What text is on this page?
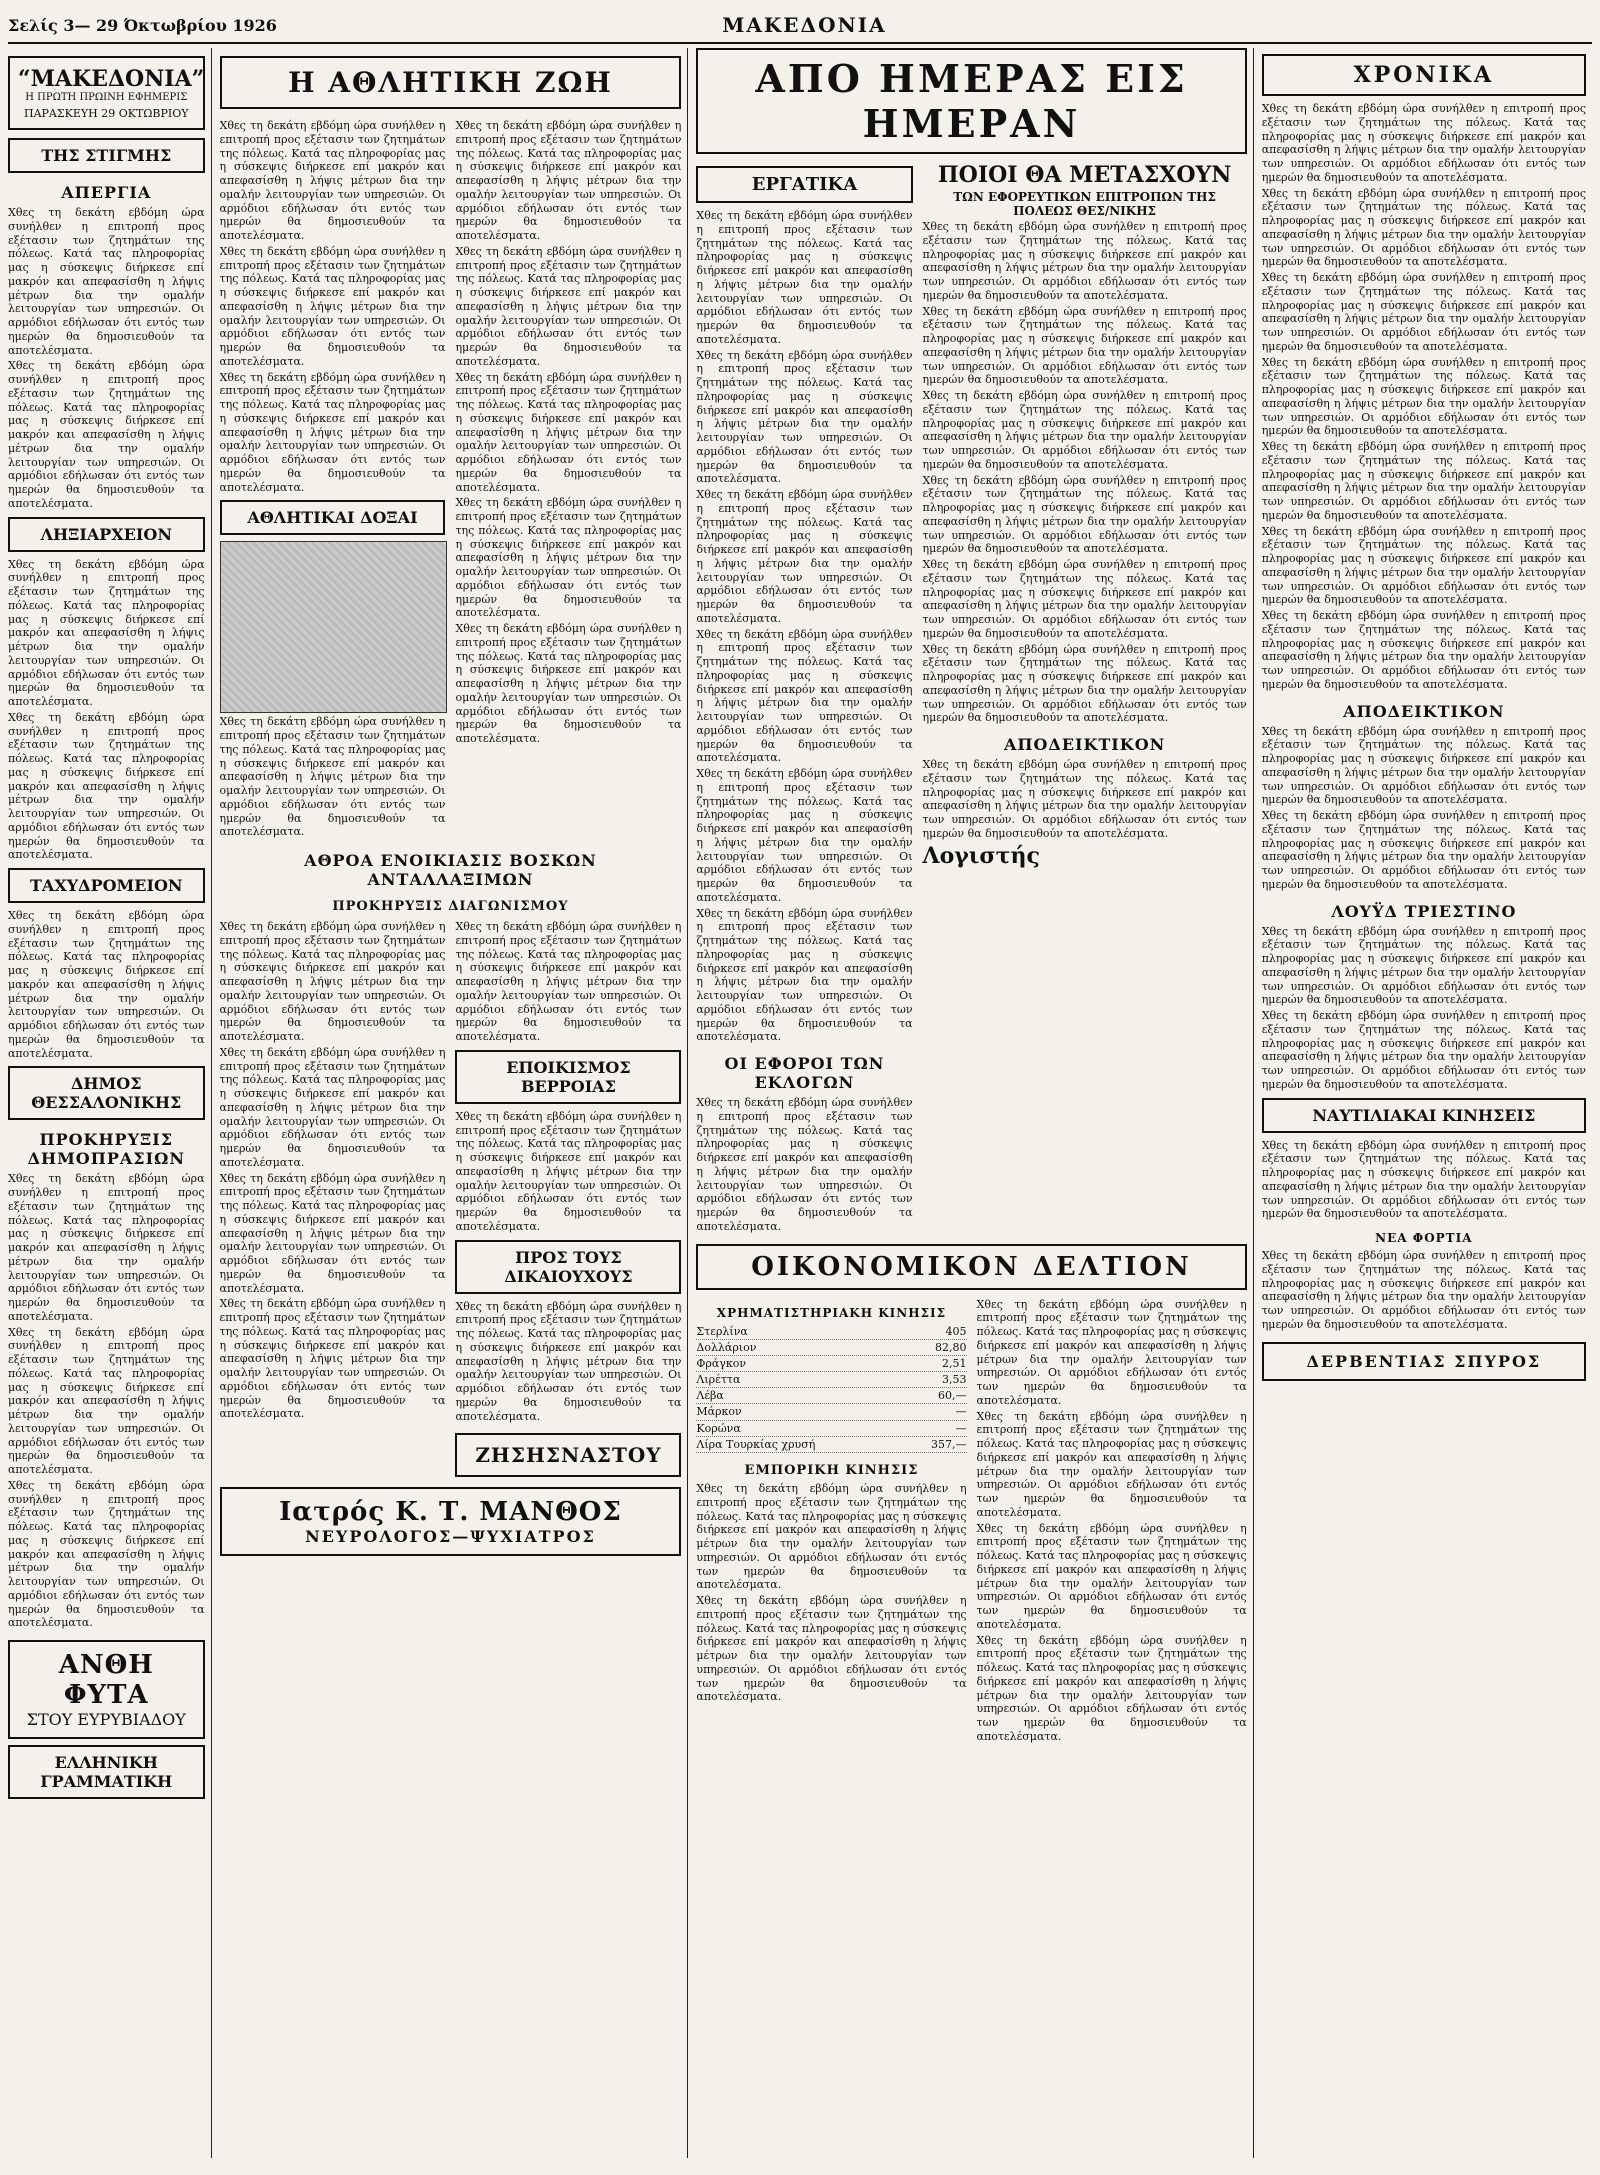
Σελίς 3— 29 Όκτωβρίου 1926	ΜΑΚΕΔΟΝΙΑ
“ΜΑΚΕΔΟΝΙΑ”
Η ΠΡΩΤΗ ΠΡΩΙΝΗ ΕΦΗΜΕΡΙΣ
ΠΑΡΑΣΚΕΥΗ 29 ΟΚΤΩΒΡΙΟΥ
ΤΗΣ ΣΤΙΓΜΗΣ
ΑΠΕΡΓΙΑ

Χθες τη δεκάτη εβδόμη ώρα συνήλθεν η επιτροπή προς εξέτασιν των ζητημάτων της πόλεως. Κατά τας πληροφορίας μας η σύσκεψις διήρκεσε επί μακρόν και απεφασίσθη η λήψις μέτρων δια την ομαλήν λειτουργίαν των υπηρεσιών. Οι αρμόδιοι εδήλωσαν ότι εντός των ημερών θα δημοσιευθούν τα αποτελέσματα.

Χθες τη δεκάτη εβδόμη ώρα συνήλθεν η επιτροπή προς εξέτασιν των ζητημάτων της πόλεως. Κατά τας πληροφορίας μας η σύσκεψις διήρκεσε επί μακρόν και απεφασίσθη η λήψις μέτρων δια την ομαλήν λειτουργίαν των υπηρεσιών. Οι αρμόδιοι εδήλωσαν ότι εντός των ημερών θα δημοσιευθούν τα αποτελέσματα.

ΛΗΞΙΑΡΧΕΙΟΝ

Χθες τη δεκάτη εβδόμη ώρα συνήλθεν η επιτροπή προς εξέτασιν των ζητημάτων της πόλεως. Κατά τας πληροφορίας μας η σύσκεψις διήρκεσε επί μακρόν και απεφασίσθη η λήψις μέτρων δια την ομαλήν λειτουργίαν των υπηρεσιών. Οι αρμόδιοι εδήλωσαν ότι εντός των ημερών θα δημοσιευθούν τα αποτελέσματα.

Χθες τη δεκάτη εβδόμη ώρα συνήλθεν η επιτροπή προς εξέτασιν των ζητημάτων της πόλεως. Κατά τας πληροφορίας μας η σύσκεψις διήρκεσε επί μακρόν και απεφασίσθη η λήψις μέτρων δια την ομαλήν λειτουργίαν των υπηρεσιών. Οι αρμόδιοι εδήλωσαν ότι εντός των ημερών θα δημοσιευθούν τα αποτελέσματα.

ΤΑΧΥΔΡΟΜΕΙΟΝ

Χθες τη δεκάτη εβδόμη ώρα συνήλθεν η επιτροπή προς εξέτασιν των ζητημάτων της πόλεως. Κατά τας πληροφορίας μας η σύσκεψις διήρκεσε επί μακρόν και απεφασίσθη η λήψις μέτρων δια την ομαλήν λειτουργίαν των υπηρεσιών. Οι αρμόδιοι εδήλωσαν ότι εντός των ημερών θα δημοσιευθούν τα αποτελέσματα.

ΔΗΜΟΣ ΘΕΣΣΑΛΟΝΙΚΗΣ
ΠΡΟΚΗΡΥΞΙΣ ΔΗΜΟΠΡΑΣΙΩΝ

Χθες τη δεκάτη εβδόμη ώρα συνήλθεν η επιτροπή προς εξέτασιν των ζητημάτων της πόλεως. Κατά τας πληροφορίας μας η σύσκεψις διήρκεσε επί μακρόν και απεφασίσθη η λήψις μέτρων δια την ομαλήν λειτουργίαν των υπηρεσιών. Οι αρμόδιοι εδήλωσαν ότι εντός των ημερών θα δημοσιευθούν τα αποτελέσματα.

Χθες τη δεκάτη εβδόμη ώρα συνήλθεν η επιτροπή προς εξέτασιν των ζητημάτων της πόλεως. Κατά τας πληροφορίας μας η σύσκεψις διήρκεσε επί μακρόν και απεφασίσθη η λήψις μέτρων δια την ομαλήν λειτουργίαν των υπηρεσιών. Οι αρμόδιοι εδήλωσαν ότι εντός των ημερών θα δημοσιευθούν τα αποτελέσματα.

Χθες τη δεκάτη εβδόμη ώρα συνήλθεν η επιτροπή προς εξέτασιν των ζητημάτων της πόλεως. Κατά τας πληροφορίας μας η σύσκεψις διήρκεσε επί μακρόν και απεφασίσθη η λήψις μέτρων δια την ομαλήν λειτουργίαν των υπηρεσιών. Οι αρμόδιοι εδήλωσαν ότι εντός των ημερών θα δημοσιευθούν τα αποτελέσματα.

ΑΝΘΗ ΦΥΤΑ
ΣΤΟΥ ΕΥΡΥΒΙΑΔΟΥ
ΕΛΛΗΝΙΚΗ ΓΡΑΜΜΑΤΙΚΗ
Η ΑΘΛΗΤΙΚΗ ΖΩΗ

Χθες τη δεκάτη εβδόμη ώρα συνήλθεν η επιτροπή προς εξέτασιν των ζητημάτων της πόλεως. Κατά τας πληροφορίας μας η σύσκεψις διήρκεσε επί μακρόν και απεφασίσθη η λήψις μέτρων δια την ομαλήν λειτουργίαν των υπηρεσιών. Οι αρμόδιοι εδήλωσαν ότι εντός των ημερών θα δημοσιευθούν τα αποτελέσματα.

Χθες τη δεκάτη εβδόμη ώρα συνήλθεν η επιτροπή προς εξέτασιν των ζητημάτων της πόλεως. Κατά τας πληροφορίας μας η σύσκεψις διήρκεσε επί μακρόν και απεφασίσθη η λήψις μέτρων δια την ομαλήν λειτουργίαν των υπηρεσιών. Οι αρμόδιοι εδήλωσαν ότι εντός των ημερών θα δημοσιευθούν τα αποτελέσματα.

Χθες τη δεκάτη εβδόμη ώρα συνήλθεν η επιτροπή προς εξέτασιν των ζητημάτων της πόλεως. Κατά τας πληροφορίας μας η σύσκεψις διήρκεσε επί μακρόν και απεφασίσθη η λήψις μέτρων δια την ομαλήν λειτουργίαν των υπηρεσιών. Οι αρμόδιοι εδήλωσαν ότι εντός των ημερών θα δημοσιευθούν τα αποτελέσματα.

ΑΘΛΗΤΙΚΑΙ ΔΟΞΑΙ

Χθες τη δεκάτη εβδόμη ώρα συνήλθεν η επιτροπή προς εξέτασιν των ζητημάτων της πόλεως. Κατά τας πληροφορίας μας η σύσκεψις διήρκεσε επί μακρόν και απεφασίσθη η λήψις μέτρων δια την ομαλήν λειτουργίαν των υπηρεσιών. Οι αρμόδιοι εδήλωσαν ότι εντός των ημερών θα δημοσιευθούν τα αποτελέσματα.

Χθες τη δεκάτη εβδόμη ώρα συνήλθεν η επιτροπή προς εξέτασιν των ζητημάτων της πόλεως. Κατά τας πληροφορίας μας η σύσκεψις διήρκεσε επί μακρόν και απεφασίσθη η λήψις μέτρων δια την ομαλήν λειτουργίαν των υπηρεσιών. Οι αρμόδιοι εδήλωσαν ότι εντός των ημερών θα δημοσιευθούν τα αποτελέσματα.

Χθες τη δεκάτη εβδόμη ώρα συνήλθεν η επιτροπή προς εξέτασιν των ζητημάτων της πόλεως. Κατά τας πληροφορίας μας η σύσκεψις διήρκεσε επί μακρόν και απεφασίσθη η λήψις μέτρων δια την ομαλήν λειτουργίαν των υπηρεσιών. Οι αρμόδιοι εδήλωσαν ότι εντός των ημερών θα δημοσιευθούν τα αποτελέσματα.

Χθες τη δεκάτη εβδόμη ώρα συνήλθεν η επιτροπή προς εξέτασιν των ζητημάτων της πόλεως. Κατά τας πληροφορίας μας η σύσκεψις διήρκεσε επί μακρόν και απεφασίσθη η λήψις μέτρων δια την ομαλήν λειτουργίαν των υπηρεσιών. Οι αρμόδιοι εδήλωσαν ότι εντός των ημερών θα δημοσιευθούν τα αποτελέσματα.

Χθες τη δεκάτη εβδόμη ώρα συνήλθεν η επιτροπή προς εξέτασιν των ζητημάτων της πόλεως. Κατά τας πληροφορίας μας η σύσκεψις διήρκεσε επί μακρόν και απεφασίσθη η λήψις μέτρων δια την ομαλήν λειτουργίαν των υπηρεσιών. Οι αρμόδιοι εδήλωσαν ότι εντός των ημερών θα δημοσιευθούν τα αποτελέσματα.

Χθες τη δεκάτη εβδόμη ώρα συνήλθεν η επιτροπή προς εξέτασιν των ζητημάτων της πόλεως. Κατά τας πληροφορίας μας η σύσκεψις διήρκεσε επί μακρόν και απεφασίσθη η λήψις μέτρων δια την ομαλήν λειτουργίαν των υπηρεσιών. Οι αρμόδιοι εδήλωσαν ότι εντός των ημερών θα δημοσιευθούν τα αποτελέσματα.

ΑΘΡΟΑ ΕΝΟΙΚΙΑΣΙΣ ΒΟΣΚΩΝ ΑΝΤΑΛΛΑΞΙΜΩΝ
ΠΡΟΚΗΡΥΞΙΣ ΔΙΑΓΩΝΙΣΜΟΥ

Χθες τη δεκάτη εβδόμη ώρα συνήλθεν η επιτροπή προς εξέτασιν των ζητημάτων της πόλεως. Κατά τας πληροφορίας μας η σύσκεψις διήρκεσε επί μακρόν και απεφασίσθη η λήψις μέτρων δια την ομαλήν λειτουργίαν των υπηρεσιών. Οι αρμόδιοι εδήλωσαν ότι εντός των ημερών θα δημοσιευθούν τα αποτελέσματα.

Χθες τη δεκάτη εβδόμη ώρα συνήλθεν η επιτροπή προς εξέτασιν των ζητημάτων της πόλεως. Κατά τας πληροφορίας μας η σύσκεψις διήρκεσε επί μακρόν και απεφασίσθη η λήψις μέτρων δια την ομαλήν λειτουργίαν των υπηρεσιών. Οι αρμόδιοι εδήλωσαν ότι εντός των ημερών θα δημοσιευθούν τα αποτελέσματα.

Χθες τη δεκάτη εβδόμη ώρα συνήλθεν η επιτροπή προς εξέτασιν των ζητημάτων της πόλεως. Κατά τας πληροφορίας μας η σύσκεψις διήρκεσε επί μακρόν και απεφασίσθη η λήψις μέτρων δια την ομαλήν λειτουργίαν των υπηρεσιών. Οι αρμόδιοι εδήλωσαν ότι εντός των ημερών θα δημοσιευθούν τα αποτελέσματα.

Χθες τη δεκάτη εβδόμη ώρα συνήλθεν η επιτροπή προς εξέτασιν των ζητημάτων της πόλεως. Κατά τας πληροφορίας μας η σύσκεψις διήρκεσε επί μακρόν και απεφασίσθη η λήψις μέτρων δια την ομαλήν λειτουργίαν των υπηρεσιών. Οι αρμόδιοι εδήλωσαν ότι εντός των ημερών θα δημοσιευθούν τα αποτελέσματα.

Χθες τη δεκάτη εβδόμη ώρα συνήλθεν η επιτροπή προς εξέτασιν των ζητημάτων της πόλεως. Κατά τας πληροφορίας μας η σύσκεψις διήρκεσε επί μακρόν και απεφασίσθη η λήψις μέτρων δια την ομαλήν λειτουργίαν των υπηρεσιών. Οι αρμόδιοι εδήλωσαν ότι εντός των ημερών θα δημοσιευθούν τα αποτελέσματα.

ΕΠΟΙΚΙΣΜΟΣ ΒΕΡΡΟΙΑΣ

Χθες τη δεκάτη εβδόμη ώρα συνήλθεν η επιτροπή προς εξέτασιν των ζητημάτων της πόλεως. Κατά τας πληροφορίας μας η σύσκεψις διήρκεσε επί μακρόν και απεφασίσθη η λήψις μέτρων δια την ομαλήν λειτουργίαν των υπηρεσιών. Οι αρμόδιοι εδήλωσαν ότι εντός των ημερών θα δημοσιευθούν τα αποτελέσματα.

ΠΡΟΣ ΤΟΥΣ ΔΙΚΑΙΟΥΧΟΥΣ

Χθες τη δεκάτη εβδόμη ώρα συνήλθεν η επιτροπή προς εξέτασιν των ζητημάτων της πόλεως. Κατά τας πληροφορίας μας η σύσκεψις διήρκεσε επί μακρόν και απεφασίσθη η λήψις μέτρων δια την ομαλήν λειτουργίαν των υπηρεσιών. Οι αρμόδιοι εδήλωσαν ότι εντός των ημερών θα δημοσιευθούν τα αποτελέσματα.

ΖΗΣΗΣΝΑΣΤΟΥ
Ιατρός Κ. Τ. ΜΑΝΘΟΣ
ΝΕΥΡΟΛΟΓΟΣ—ΨΥΧΙΑΤΡΟΣ
ΑΠΟ ΗΜΕΡΑΣ ΕΙΣ ΗΜΕΡΑΝ
ΕΡΓΑΤΙΚΑ

Χθες τη δεκάτη εβδόμη ώρα συνήλθεν η επιτροπή προς εξέτασιν των ζητημάτων της πόλεως. Κατά τας πληροφορίας μας η σύσκεψις διήρκεσε επί μακρόν και απεφασίσθη η λήψις μέτρων δια την ομαλήν λειτουργίαν των υπηρεσιών. Οι αρμόδιοι εδήλωσαν ότι εντός των ημερών θα δημοσιευθούν τα αποτελέσματα.

Χθες τη δεκάτη εβδόμη ώρα συνήλθεν η επιτροπή προς εξέτασιν των ζητημάτων της πόλεως. Κατά τας πληροφορίας μας η σύσκεψις διήρκεσε επί μακρόν και απεφασίσθη η λήψις μέτρων δια την ομαλήν λειτουργίαν των υπηρεσιών. Οι αρμόδιοι εδήλωσαν ότι εντός των ημερών θα δημοσιευθούν τα αποτελέσματα.

Χθες τη δεκάτη εβδόμη ώρα συνήλθεν η επιτροπή προς εξέτασιν των ζητημάτων της πόλεως. Κατά τας πληροφορίας μας η σύσκεψις διήρκεσε επί μακρόν και απεφασίσθη η λήψις μέτρων δια την ομαλήν λειτουργίαν των υπηρεσιών. Οι αρμόδιοι εδήλωσαν ότι εντός των ημερών θα δημοσιευθούν τα αποτελέσματα.

Χθες τη δεκάτη εβδόμη ώρα συνήλθεν η επιτροπή προς εξέτασιν των ζητημάτων της πόλεως. Κατά τας πληροφορίας μας η σύσκεψις διήρκεσε επί μακρόν και απεφασίσθη η λήψις μέτρων δια την ομαλήν λειτουργίαν των υπηρεσιών. Οι αρμόδιοι εδήλωσαν ότι εντός των ημερών θα δημοσιευθούν τα αποτελέσματα.

Χθες τη δεκάτη εβδόμη ώρα συνήλθεν η επιτροπή προς εξέτασιν των ζητημάτων της πόλεως. Κατά τας πληροφορίας μας η σύσκεψις διήρκεσε επί μακρόν και απεφασίσθη η λήψις μέτρων δια την ομαλήν λειτουργίαν των υπηρεσιών. Οι αρμόδιοι εδήλωσαν ότι εντός των ημερών θα δημοσιευθούν τα αποτελέσματα.

Χθες τη δεκάτη εβδόμη ώρα συνήλθεν η επιτροπή προς εξέτασιν των ζητημάτων της πόλεως. Κατά τας πληροφορίας μας η σύσκεψις διήρκεσε επί μακρόν και απεφασίσθη η λήψις μέτρων δια την ομαλήν λειτουργίαν των υπηρεσιών. Οι αρμόδιοι εδήλωσαν ότι εντός των ημερών θα δημοσιευθούν τα αποτελέσματα.

ΟΙ ΕΦΟΡΟΙ ΤΩΝ ΕΚΛΟΓΩΝ

Χθες τη δεκάτη εβδόμη ώρα συνήλθεν η επιτροπή προς εξέτασιν των ζητημάτων της πόλεως. Κατά τας πληροφορίας μας η σύσκεψις διήρκεσε επί μακρόν και απεφασίσθη η λήψις μέτρων δια την ομαλήν λειτουργίαν των υπηρεσιών. Οι αρμόδιοι εδήλωσαν ότι εντός των ημερών θα δημοσιευθούν τα αποτελέσματα.

ΠΟΙΟΙ ΘΑ ΜΕΤΑΣΧΟΥΝ
ΤΩΝ ΕΦΟΡΕΥΤΙΚΩΝ ΕΠΙΤΡΟΠΩΝ ΤΗΣ ΠΟΛΕΩΣ ΘΕΣ/ΝΙΚΗΣ

Χθες τη δεκάτη εβδόμη ώρα συνήλθεν η επιτροπή προς εξέτασιν των ζητημάτων της πόλεως. Κατά τας πληροφορίας μας η σύσκεψις διήρκεσε επί μακρόν και απεφασίσθη η λήψις μέτρων δια την ομαλήν λειτουργίαν των υπηρεσιών. Οι αρμόδιοι εδήλωσαν ότι εντός των ημερών θα δημοσιευθούν τα αποτελέσματα.

Χθες τη δεκάτη εβδόμη ώρα συνήλθεν η επιτροπή προς εξέτασιν των ζητημάτων της πόλεως. Κατά τας πληροφορίας μας η σύσκεψις διήρκεσε επί μακρόν και απεφασίσθη η λήψις μέτρων δια την ομαλήν λειτουργίαν των υπηρεσιών. Οι αρμόδιοι εδήλωσαν ότι εντός των ημερών θα δημοσιευθούν τα αποτελέσματα.

Χθες τη δεκάτη εβδόμη ώρα συνήλθεν η επιτροπή προς εξέτασιν των ζητημάτων της πόλεως. Κατά τας πληροφορίας μας η σύσκεψις διήρκεσε επί μακρόν και απεφασίσθη η λήψις μέτρων δια την ομαλήν λειτουργίαν των υπηρεσιών. Οι αρμόδιοι εδήλωσαν ότι εντός των ημερών θα δημοσιευθούν τα αποτελέσματα.

Χθες τη δεκάτη εβδόμη ώρα συνήλθεν η επιτροπή προς εξέτασιν των ζητημάτων της πόλεως. Κατά τας πληροφορίας μας η σύσκεψις διήρκεσε επί μακρόν και απεφασίσθη η λήψις μέτρων δια την ομαλήν λειτουργίαν των υπηρεσιών. Οι αρμόδιοι εδήλωσαν ότι εντός των ημερών θα δημοσιευθούν τα αποτελέσματα.

Χθες τη δεκάτη εβδόμη ώρα συνήλθεν η επιτροπή προς εξέτασιν των ζητημάτων της πόλεως. Κατά τας πληροφορίας μας η σύσκεψις διήρκεσε επί μακρόν και απεφασίσθη η λήψις μέτρων δια την ομαλήν λειτουργίαν των υπηρεσιών. Οι αρμόδιοι εδήλωσαν ότι εντός των ημερών θα δημοσιευθούν τα αποτελέσματα.

Χθες τη δεκάτη εβδόμη ώρα συνήλθεν η επιτροπή προς εξέτασιν των ζητημάτων της πόλεως. Κατά τας πληροφορίας μας η σύσκεψις διήρκεσε επί μακρόν και απεφασίσθη η λήψις μέτρων δια την ομαλήν λειτουργίαν των υπηρεσιών. Οι αρμόδιοι εδήλωσαν ότι εντός των ημερών θα δημοσιευθούν τα αποτελέσματα.

ΑΠΟΔΕΙΚΤΙΚΟΝ

Χθες τη δεκάτη εβδόμη ώρα συνήλθεν η επιτροπή προς εξέτασιν των ζητημάτων της πόλεως. Κατά τας πληροφορίας μας η σύσκεψις διήρκεσε επί μακρόν και απεφασίσθη η λήψις μέτρων δια την ομαλήν λειτουργίαν των υπηρεσιών. Οι αρμόδιοι εδήλωσαν ότι εντός των ημερών θα δημοσιευθούν τα αποτελέσματα.

Λογιστής
ΟΙΚΟΝΟΜΙΚΟΝ ΔΕΛΤΙΟΝ
ΧΡΗΜΑΤΙΣΤΗΡΙΑΚΗ ΚΙΝΗΣΙΣ
Στερλίνα	405
Δολλάριον	82,80
Φράγκον	2,51
Λιρέττα	3,53
Λέβα	60,—
Μάρκον	—
Κορώνα	—
Λίρα Τουρκίας χρυσή	357,—
ΕΜΠΟΡΙΚΗ ΚΙΝΗΣΙΣ

Χθες τη δεκάτη εβδόμη ώρα συνήλθεν η επιτροπή προς εξέτασιν των ζητημάτων της πόλεως. Κατά τας πληροφορίας μας η σύσκεψις διήρκεσε επί μακρόν και απεφασίσθη η λήψις μέτρων δια την ομαλήν λειτουργίαν των υπηρεσιών. Οι αρμόδιοι εδήλωσαν ότι εντός των ημερών θα δημοσιευθούν τα αποτελέσματα.

Χθες τη δεκάτη εβδόμη ώρα συνήλθεν η επιτροπή προς εξέτασιν των ζητημάτων της πόλεως. Κατά τας πληροφορίας μας η σύσκεψις διήρκεσε επί μακρόν και απεφασίσθη η λήψις μέτρων δια την ομαλήν λειτουργίαν των υπηρεσιών. Οι αρμόδιοι εδήλωσαν ότι εντός των ημερών θα δημοσιευθούν τα αποτελέσματα.

Χθες τη δεκάτη εβδόμη ώρα συνήλθεν η επιτροπή προς εξέτασιν των ζητημάτων της πόλεως. Κατά τας πληροφορίας μας η σύσκεψις διήρκεσε επί μακρόν και απεφασίσθη η λήψις μέτρων δια την ομαλήν λειτουργίαν των υπηρεσιών. Οι αρμόδιοι εδήλωσαν ότι εντός των ημερών θα δημοσιευθούν τα αποτελέσματα.

Χθες τη δεκάτη εβδόμη ώρα συνήλθεν η επιτροπή προς εξέτασιν των ζητημάτων της πόλεως. Κατά τας πληροφορίας μας η σύσκεψις διήρκεσε επί μακρόν και απεφασίσθη η λήψις μέτρων δια την ομαλήν λειτουργίαν των υπηρεσιών. Οι αρμόδιοι εδήλωσαν ότι εντός των ημερών θα δημοσιευθούν τα αποτελέσματα.

Χθες τη δεκάτη εβδόμη ώρα συνήλθεν η επιτροπή προς εξέτασιν των ζητημάτων της πόλεως. Κατά τας πληροφορίας μας η σύσκεψις διήρκεσε επί μακρόν και απεφασίσθη η λήψις μέτρων δια την ομαλήν λειτουργίαν των υπηρεσιών. Οι αρμόδιοι εδήλωσαν ότι εντός των ημερών θα δημοσιευθούν τα αποτελέσματα.

Χθες τη δεκάτη εβδόμη ώρα συνήλθεν η επιτροπή προς εξέτασιν των ζητημάτων της πόλεως. Κατά τας πληροφορίας μας η σύσκεψις διήρκεσε επί μακρόν και απεφασίσθη η λήψις μέτρων δια την ομαλήν λειτουργίαν των υπηρεσιών. Οι αρμόδιοι εδήλωσαν ότι εντός των ημερών θα δημοσιευθούν τα αποτελέσματα.

ΧΡΟΝΙΚΑ

Χθες τη δεκάτη εβδόμη ώρα συνήλθεν η επιτροπή προς εξέτασιν των ζητημάτων της πόλεως. Κατά τας πληροφορίας μας η σύσκεψις διήρκεσε επί μακρόν και απεφασίσθη η λήψις μέτρων δια την ομαλήν λειτουργίαν των υπηρεσιών. Οι αρμόδιοι εδήλωσαν ότι εντός των ημερών θα δημοσιευθούν τα αποτελέσματα.

Χθες τη δεκάτη εβδόμη ώρα συνήλθεν η επιτροπή προς εξέτασιν των ζητημάτων της πόλεως. Κατά τας πληροφορίας μας η σύσκεψις διήρκεσε επί μακρόν και απεφασίσθη η λήψις μέτρων δια την ομαλήν λειτουργίαν των υπηρεσιών. Οι αρμόδιοι εδήλωσαν ότι εντός των ημερών θα δημοσιευθούν τα αποτελέσματα.

Χθες τη δεκάτη εβδόμη ώρα συνήλθεν η επιτροπή προς εξέτασιν των ζητημάτων της πόλεως. Κατά τας πληροφορίας μας η σύσκεψις διήρκεσε επί μακρόν και απεφασίσθη η λήψις μέτρων δια την ομαλήν λειτουργίαν των υπηρεσιών. Οι αρμόδιοι εδήλωσαν ότι εντός των ημερών θα δημοσιευθούν τα αποτελέσματα.

Χθες τη δεκάτη εβδόμη ώρα συνήλθεν η επιτροπή προς εξέτασιν των ζητημάτων της πόλεως. Κατά τας πληροφορίας μας η σύσκεψις διήρκεσε επί μακρόν και απεφασίσθη η λήψις μέτρων δια την ομαλήν λειτουργίαν των υπηρεσιών. Οι αρμόδιοι εδήλωσαν ότι εντός των ημερών θα δημοσιευθούν τα αποτελέσματα.

Χθες τη δεκάτη εβδόμη ώρα συνήλθεν η επιτροπή προς εξέτασιν των ζητημάτων της πόλεως. Κατά τας πληροφορίας μας η σύσκεψις διήρκεσε επί μακρόν και απεφασίσθη η λήψις μέτρων δια την ομαλήν λειτουργίαν των υπηρεσιών. Οι αρμόδιοι εδήλωσαν ότι εντός των ημερών θα δημοσιευθούν τα αποτελέσματα.

Χθες τη δεκάτη εβδόμη ώρα συνήλθεν η επιτροπή προς εξέτασιν των ζητημάτων της πόλεως. Κατά τας πληροφορίας μας η σύσκεψις διήρκεσε επί μακρόν και απεφασίσθη η λήψις μέτρων δια την ομαλήν λειτουργίαν των υπηρεσιών. Οι αρμόδιοι εδήλωσαν ότι εντός των ημερών θα δημοσιευθούν τα αποτελέσματα.

Χθες τη δεκάτη εβδόμη ώρα συνήλθεν η επιτροπή προς εξέτασιν των ζητημάτων της πόλεως. Κατά τας πληροφορίας μας η σύσκεψις διήρκεσε επί μακρόν και απεφασίσθη η λήψις μέτρων δια την ομαλήν λειτουργίαν των υπηρεσιών. Οι αρμόδιοι εδήλωσαν ότι εντός των ημερών θα δημοσιευθούν τα αποτελέσματα.

ΑΠΟΔΕΙΚΤΙΚΟΝ

Χθες τη δεκάτη εβδόμη ώρα συνήλθεν η επιτροπή προς εξέτασιν των ζητημάτων της πόλεως. Κατά τας πληροφορίας μας η σύσκεψις διήρκεσε επί μακρόν και απεφασίσθη η λήψις μέτρων δια την ομαλήν λειτουργίαν των υπηρεσιών. Οι αρμόδιοι εδήλωσαν ότι εντός των ημερών θα δημοσιευθούν τα αποτελέσματα.

Χθες τη δεκάτη εβδόμη ώρα συνήλθεν η επιτροπή προς εξέτασιν των ζητημάτων της πόλεως. Κατά τας πληροφορίας μας η σύσκεψις διήρκεσε επί μακρόν και απεφασίσθη η λήψις μέτρων δια την ομαλήν λειτουργίαν των υπηρεσιών. Οι αρμόδιοι εδήλωσαν ότι εντός των ημερών θα δημοσιευθούν τα αποτελέσματα.

ΛΟΥΫΔ ΤΡΙΕΣΤΙΝΟ

Χθες τη δεκάτη εβδόμη ώρα συνήλθεν η επιτροπή προς εξέτασιν των ζητημάτων της πόλεως. Κατά τας πληροφορίας μας η σύσκεψις διήρκεσε επί μακρόν και απεφασίσθη η λήψις μέτρων δια την ομαλήν λειτουργίαν των υπηρεσιών. Οι αρμόδιοι εδήλωσαν ότι εντός των ημερών θα δημοσιευθούν τα αποτελέσματα.

Χθες τη δεκάτη εβδόμη ώρα συνήλθεν η επιτροπή προς εξέτασιν των ζητημάτων της πόλεως. Κατά τας πληροφορίας μας η σύσκεψις διήρκεσε επί μακρόν και απεφασίσθη η λήψις μέτρων δια την ομαλήν λειτουργίαν των υπηρεσιών. Οι αρμόδιοι εδήλωσαν ότι εντός των ημερών θα δημοσιευθούν τα αποτελέσματα.

ΝΑΥΤΙΛΙΑΚΑΙ ΚΙΝΗΣΕΙΣ

Χθες τη δεκάτη εβδόμη ώρα συνήλθεν η επιτροπή προς εξέτασιν των ζητημάτων της πόλεως. Κατά τας πληροφορίας μας η σύσκεψις διήρκεσε επί μακρόν και απεφασίσθη η λήψις μέτρων δια την ομαλήν λειτουργίαν των υπηρεσιών. Οι αρμόδιοι εδήλωσαν ότι εντός των ημερών θα δημοσιευθούν τα αποτελέσματα.

ΝΕΑ ΦΟΡΤΙΑ

Χθες τη δεκάτη εβδόμη ώρα συνήλθεν η επιτροπή προς εξέτασιν των ζητημάτων της πόλεως. Κατά τας πληροφορίας μας η σύσκεψις διήρκεσε επί μακρόν και απεφασίσθη η λήψις μέτρων δια την ομαλήν λειτουργίαν των υπηρεσιών. Οι αρμόδιοι εδήλωσαν ότι εντός των ημερών θα δημοσιευθούν τα αποτελέσματα.

ΔΕΡΒΕΝΤΙΑΣ ΣΠΥΡΟΣ
